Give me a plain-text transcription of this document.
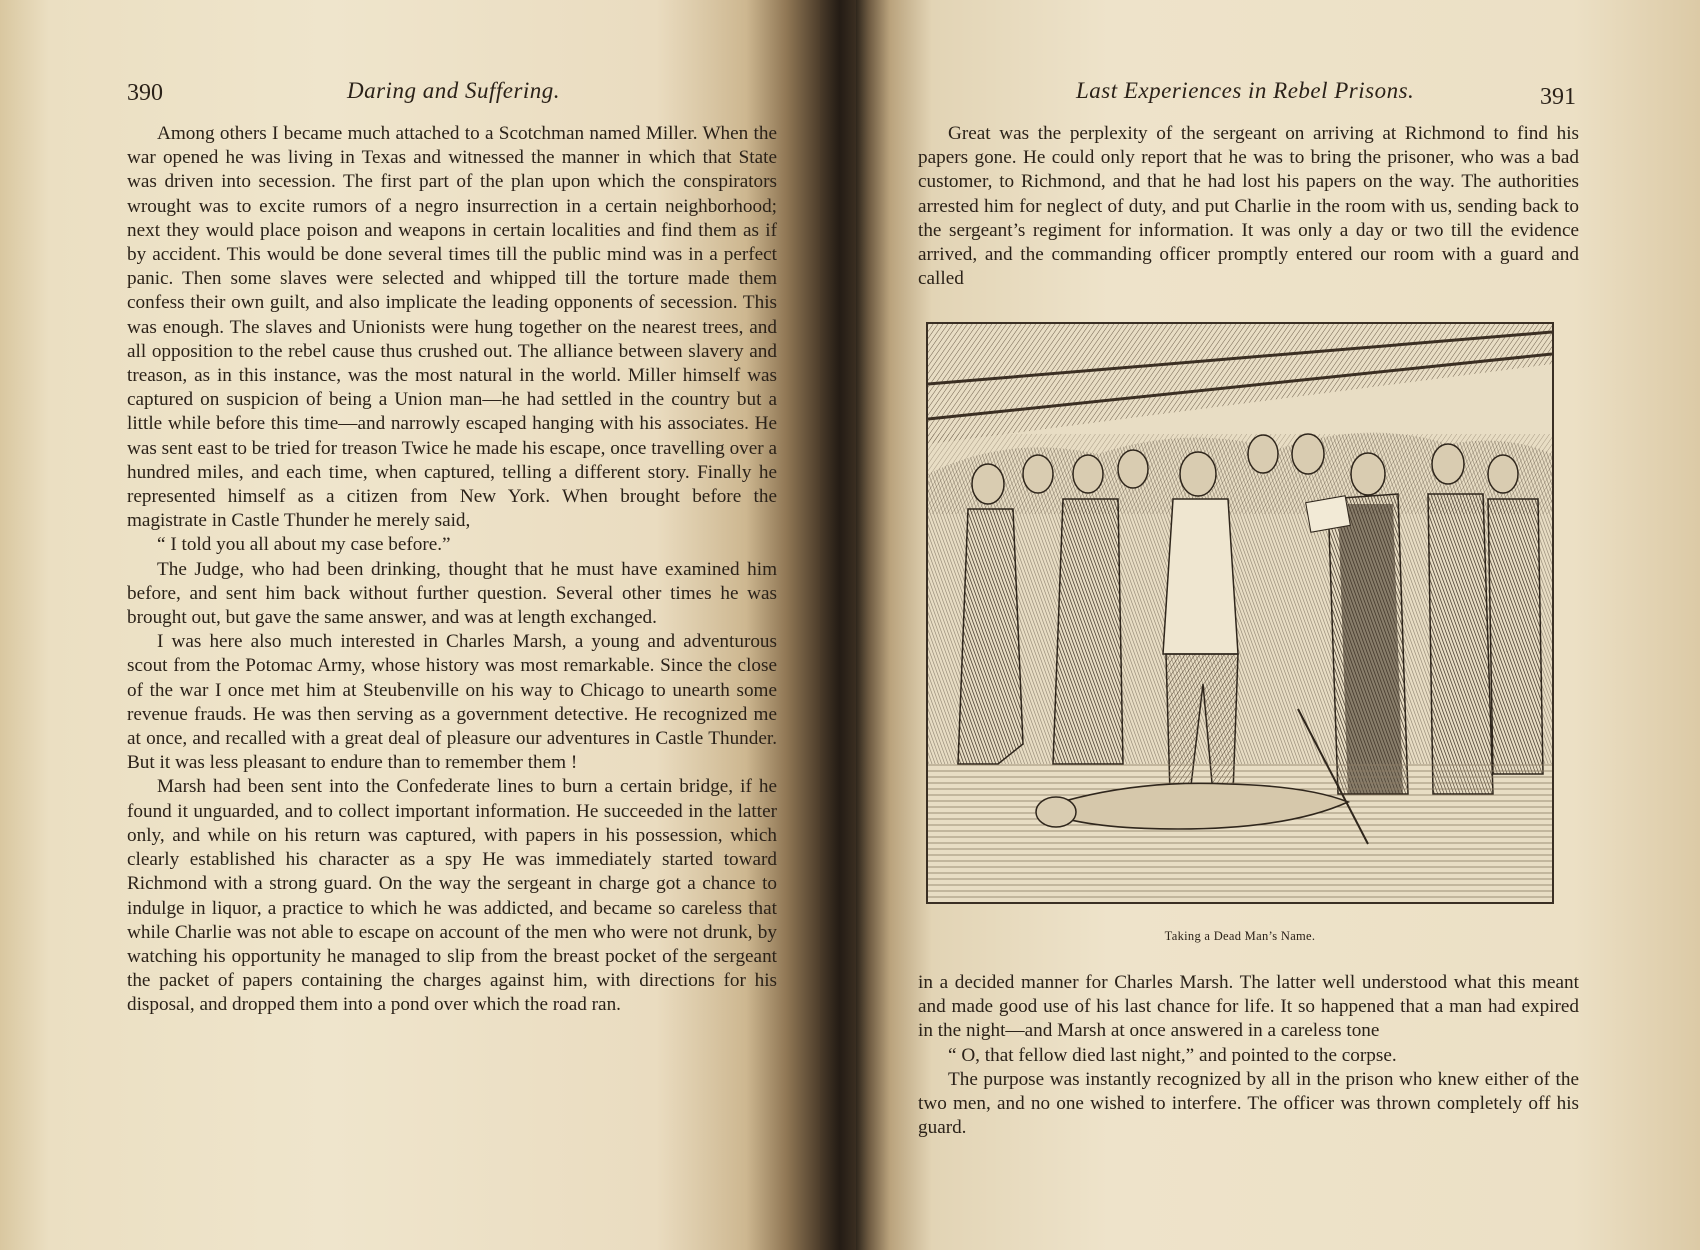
390	Daring and Suffering.

Among others I became much attached to a Scotchman named Miller. When the war opened he was living in Texas and witnessed the manner in which that State was driven into secession. The first part of the plan upon which the conspirators wrought was to excite rumors of a negro insurrection in a certain neighborhood; next they would place poison and weapons in certain localities and find them as if by accident. This would be done several times till the public mind was in a perfect panic. Then some slaves were selected and whipped till the torture made them confess their own guilt, and also implicate the leading opponents of secession. This was enough. The slaves and Unionists were hung together on the nearest trees, and all opposition to the rebel cause thus crushed out. The alliance between slavery and treason, as in this instance, was the most natural in the world. Miller himself was captured on suspicion of being a Union man—he had settled in the country but a little while before this time—and narrowly escaped hanging with his associates. He was sent east to be tried for treason Twice he made his escape, once travelling over a hundred miles, and each time, when captured, telling a different story. Finally he represented himself as a citizen from New York. When brought before the magistrate in Castle Thunder he merely said,

“ I told you all about my case before.”

The Judge, who had been drinking, thought that he must have examined him before, and sent him back without further question. Several other times he was brought out, but gave the same answer, and was at length exchanged.

I was here also much interested in Charles Marsh, a young and adventurous scout from the Potomac Army, whose history was most remarkable. Since the close of the war I once met him at Steubenville on his way to Chicago to unearth some revenue frauds. He was then serving as a government detective. He recognized me at once, and recalled with a great deal of pleasure our adventures in Castle Thunder. But it was less pleasant to endure than to remember them !

Marsh had been sent into the Confederate lines to burn a certain bridge, if he found it unguarded, and to collect important information. He succeeded in the latter only, and while on his return was captured, with papers in his possession, which clearly established his character as a spy He was immediately started toward Richmond with a strong guard. On the way the sergeant in charge got a chance to indulge in liquor, a practice to which he was addicted, and became so careless that while Charlie was not able to escape on account of the men who were not drunk, by watching his opportunity he managed to slip from the breast pocket of the sergeant the packet of papers containing the charges against him, with directions for his disposal, and dropped them into a pond over which the road ran.

Last Experiences in Rebel Prisons.	391

Great was the perplexity of the sergeant on arriving at Richmond to find his papers gone. He could only report that he was to bring the prisoner, who was a bad customer, to Richmond, and that he had lost his papers on the way. The authorities arrested him for neglect of duty, and put Charlie in the room with us, sending back to the sergeant’s regiment for information. It was only a day or two till the evidence arrived, and the commanding officer promptly entered our room with a guard and called

Taking a Dead Man’s Name.

in a decided manner for Charles Marsh. The latter well understood what this meant and made good use of his last chance for life. It so happened that a man had expired in the night—and Marsh at once answered in a careless tone

“ O, that fellow died last night,” and pointed to the corpse.

The purpose was instantly recognized by all in the prison who knew either of the two men, and no one wished to interfere. The officer was thrown completely off his guard.
